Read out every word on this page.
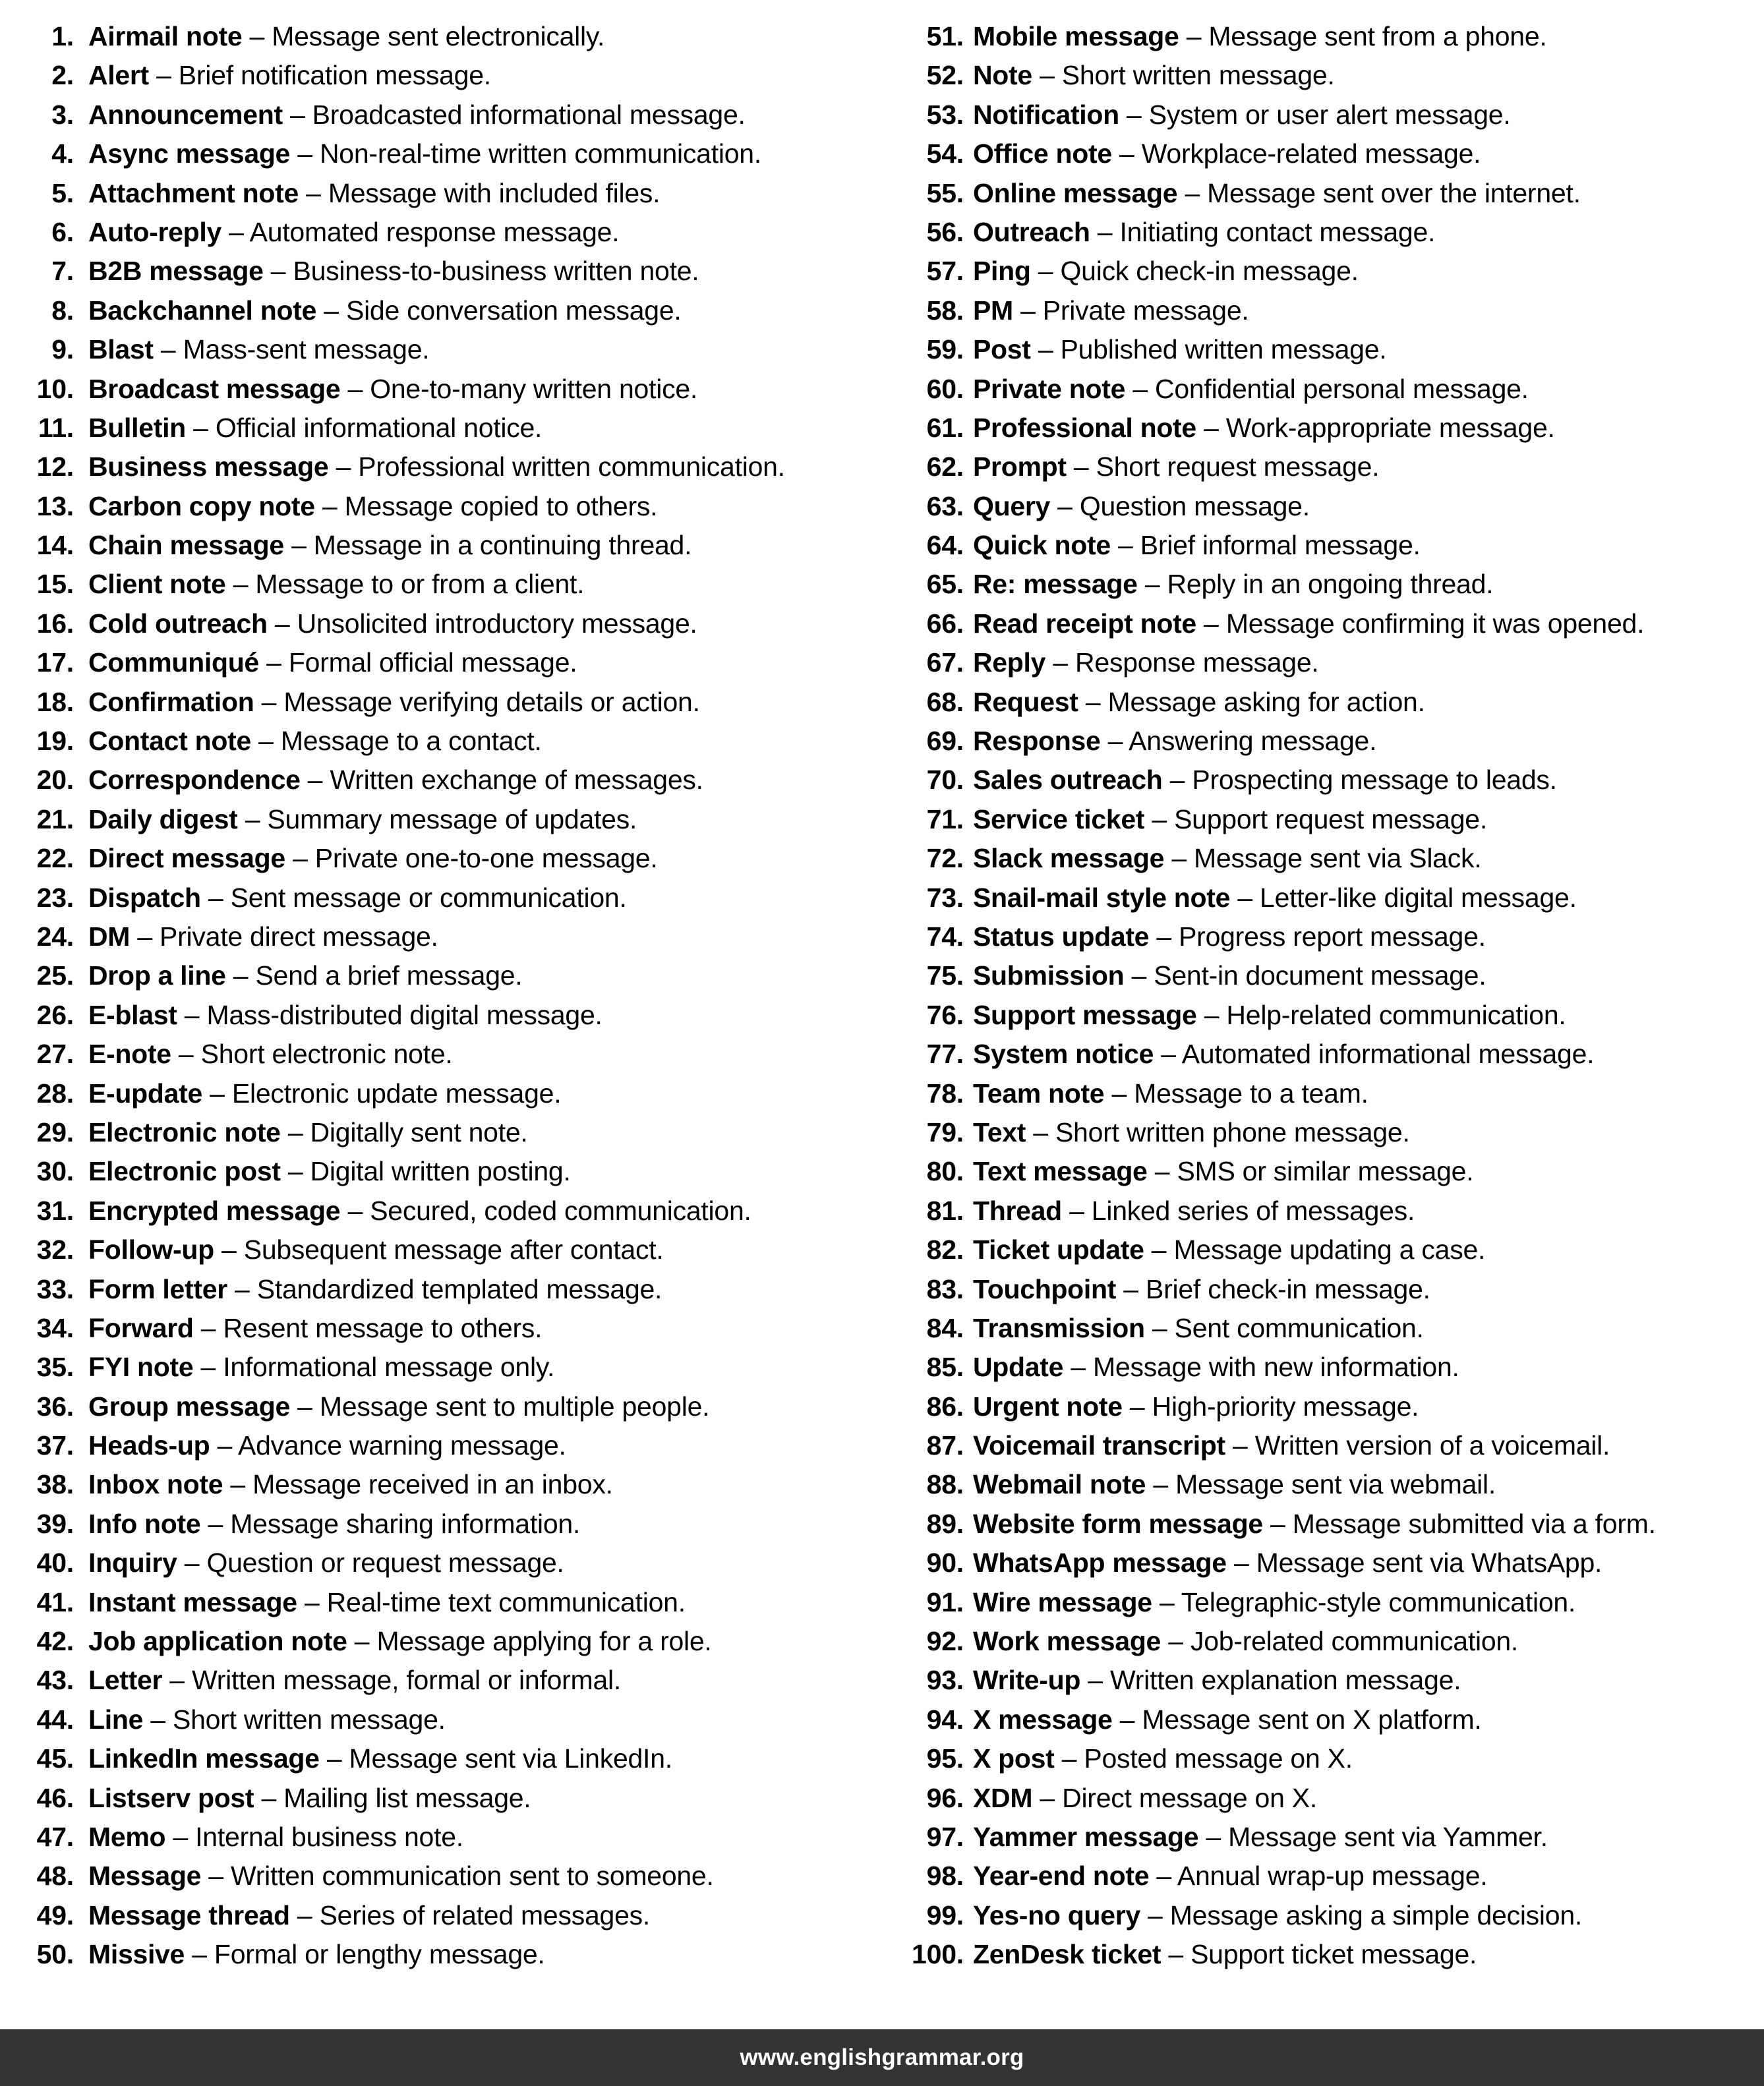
1. Airmail note – Message sent electronically.
2. Alert – Brief notification message.
3. Announcement – Broadcasted informational message.
4. Async message – Non-real-time written communication.
5. Attachment note – Message with included files.
6. Auto-reply – Automated response message.
7. B2B message – Business-to-business written note.
8. Backchannel note – Side conversation message.
9. Blast – Mass-sent message.
10. Broadcast message – One-to-many written notice.
11. Bulletin – Official informational notice.
12. Business message – Professional written communication.
13. Carbon copy note – Message copied to others.
14. Chain message – Message in a continuing thread.
15. Client note – Message to or from a client.
16. Cold outreach – Unsolicited introductory message.
17. Communiqué – Formal official message.
18. Confirmation – Message verifying details or action.
19. Contact note – Message to a contact.
20. Correspondence – Written exchange of messages.
21. Daily digest – Summary message of updates.
22. Direct message – Private one-to-one message.
23. Dispatch – Sent message or communication.
24. DM – Private direct message.
25. Drop a line – Send a brief message.
26. E-blast – Mass-distributed digital message.
27. E-note – Short electronic note.
28. E-update – Electronic update message.
29. Electronic note – Digitally sent note.
30. Electronic post – Digital written posting.
31. Encrypted message – Secured, coded communication.
32. Follow-up – Subsequent message after contact.
33. Form letter – Standardized templated message.
34. Forward – Resent message to others.
35. FYI note – Informational message only.
36. Group message – Message sent to multiple people.
37. Heads-up – Advance warning message.
38. Inbox note – Message received in an inbox.
39. Info note – Message sharing information.
40. Inquiry – Question or request message.
41. Instant message – Real-time text communication.
42. Job application note – Message applying for a role.
43. Letter – Written message, formal or informal.
44. Line – Short written message.
45. LinkedIn message – Message sent via LinkedIn.
46. Listserv post – Mailing list message.
47. Memo – Internal business note.
48. Message – Written communication sent to someone.
49. Message thread – Series of related messages.
50. Missive – Formal or lengthy message.
51. Mobile message – Message sent from a phone.
52. Note – Short written message.
53. Notification – System or user alert message.
54. Office note – Workplace-related message.
55. Online message – Message sent over the internet.
56. Outreach – Initiating contact message.
57. Ping – Quick check-in message.
58. PM – Private message.
59. Post – Published written message.
60. Private note – Confidential personal message.
61. Professional note – Work-appropriate message.
62. Prompt – Short request message.
63. Query – Question message.
64. Quick note – Brief informal message.
65. Re: message – Reply in an ongoing thread.
66. Read receipt note – Message confirming it was opened.
67. Reply – Response message.
68. Request – Message asking for action.
69. Response – Answering message.
70. Sales outreach – Prospecting message to leads.
71. Service ticket – Support request message.
72. Slack message – Message sent via Slack.
73. Snail-mail style note – Letter-like digital message.
74. Status update – Progress report message.
75. Submission – Sent-in document message.
76. Support message – Help-related communication.
77. System notice – Automated informational message.
78. Team note – Message to a team.
79. Text – Short written phone message.
80. Text message – SMS or similar message.
81. Thread – Linked series of messages.
82. Ticket update – Message updating a case.
83. Touchpoint – Brief check-in message.
84. Transmission – Sent communication.
85. Update – Message with new information.
86. Urgent note – High-priority message.
87. Voicemail transcript – Written version of a voicemail.
88. Webmail note – Message sent via webmail.
89. Website form message – Message submitted via a form.
90. WhatsApp message – Message sent via WhatsApp.
91. Wire message – Telegraphic-style communication.
92. Work message – Job-related communication.
93. Write-up – Written explanation message.
94. X message – Message sent on X platform.
95. X post – Posted message on X.
96. XDM – Direct message on X.
97. Yammer message – Message sent via Yammer.
98. Year-end note – Annual wrap-up message.
99. Yes-no query – Message asking a simple decision.
100. ZenDesk ticket – Support ticket message.
www.englishgrammar.org
